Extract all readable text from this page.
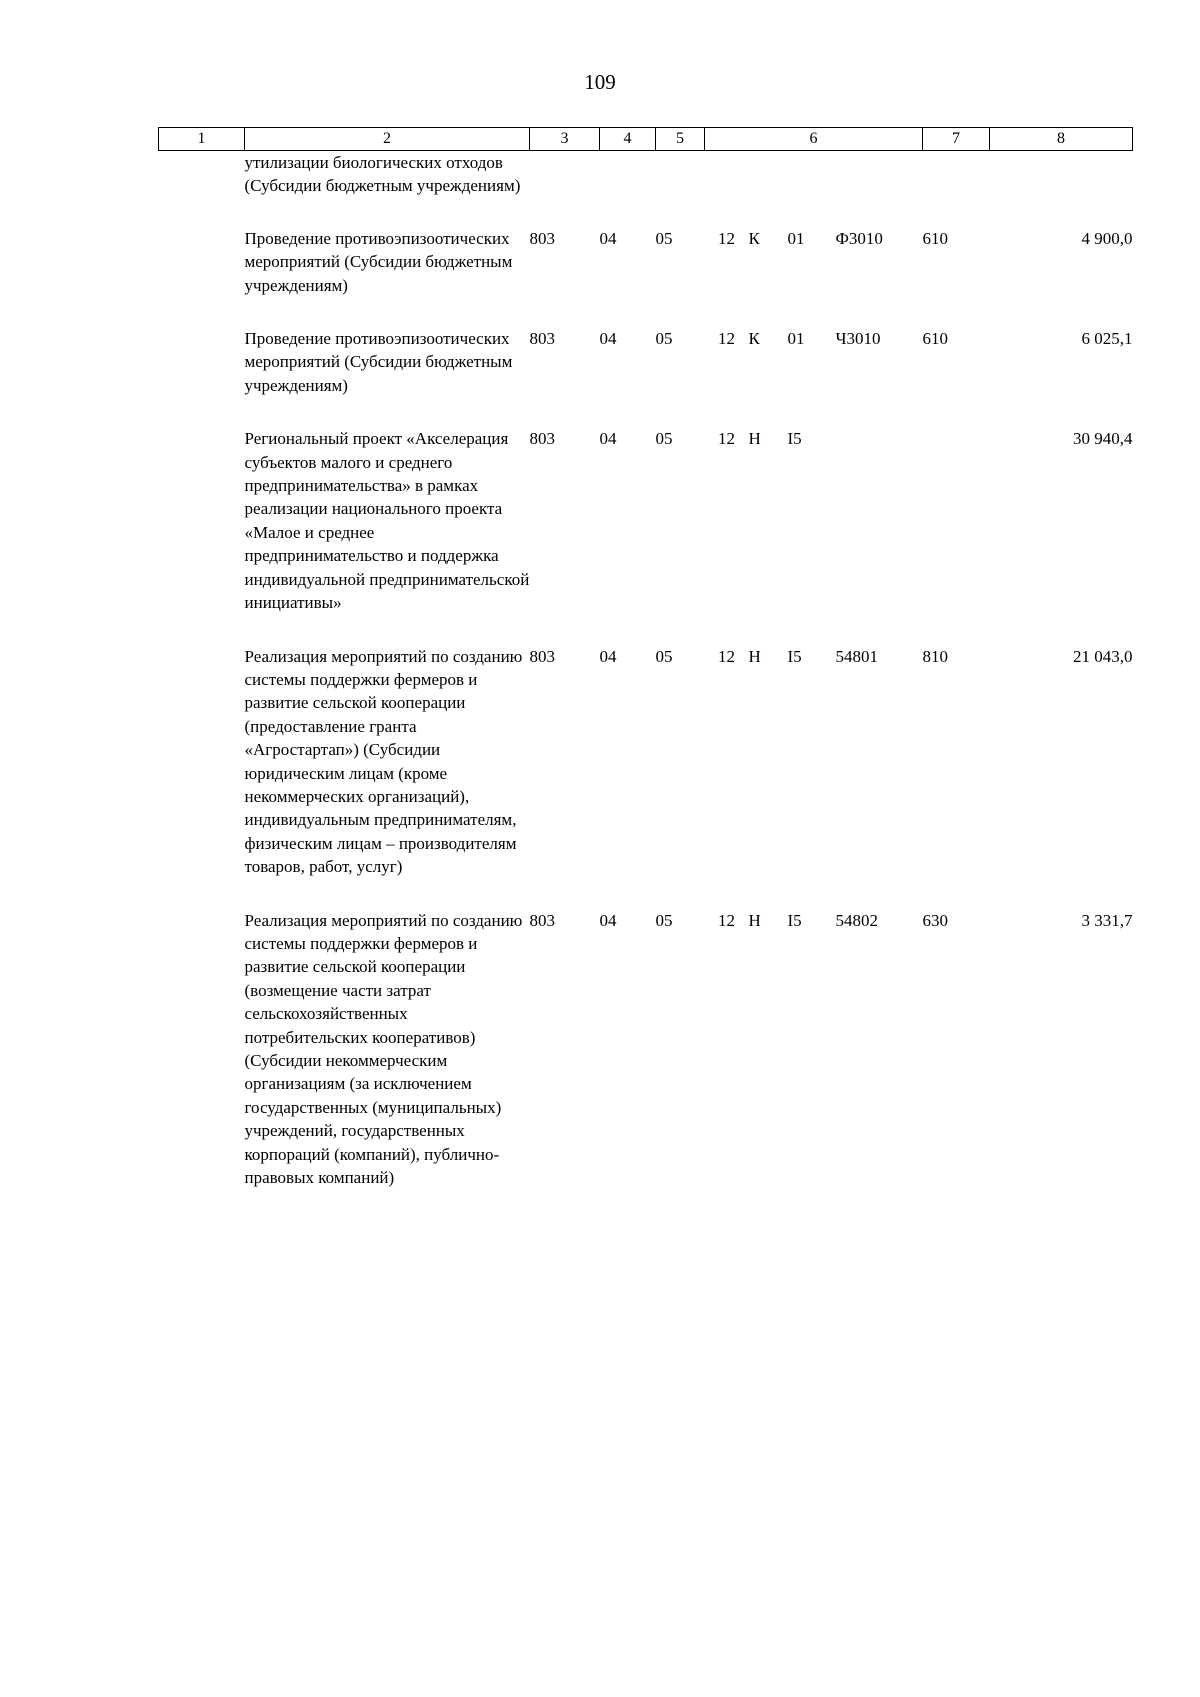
109
1	2	3	4	5	6				7	8
	утилизации биологических отходов (Субсидии бюджетным учреждениям)									
	Проведение противоэпизоотических мероприятий (Субсидии бюджетным учреждениям)	803	04	05	12	К	01	Ф3010	610	4 900,0
	Проведение противоэпизоотических мероприятий (Субсидии бюджетным учреждениям)	803	04	05	12	К	01	Ч3010	610	6 025,1
	Региональный проект «Акселерация субъектов малого и среднего предпринимательства» в рамках реализации национального проекта «Малое и среднее предпринимательство и поддержка индивидуальной предпринимательской инициативы»	803	04	05	12	Н	I5			30 940,4
	Реализация мероприятий по созданию системы поддержки фермеров и развитие сельской кооперации (предоставление гранта «Агростартап») (Субсидии юридическим лицам (кроме некоммерческих организаций), индивидуальным предпринимателям, физическим лицам – производителям товаров, работ, услуг)	803	04	05	12	Н	I5	54801	810	21 043,0
	Реализация мероприятий по созданию системы поддержки фермеров и развитие сельской кооперации (возмещение части затрат сельскохозяйственных потребительских кооперативов) (Субсидии некоммерческим организациям (за исключением государственных (муниципальных) учреждений, государственных корпораций (компаний), публично-правовых компаний)	803	04	05	12	Н	I5	54802	630	3 331,7
